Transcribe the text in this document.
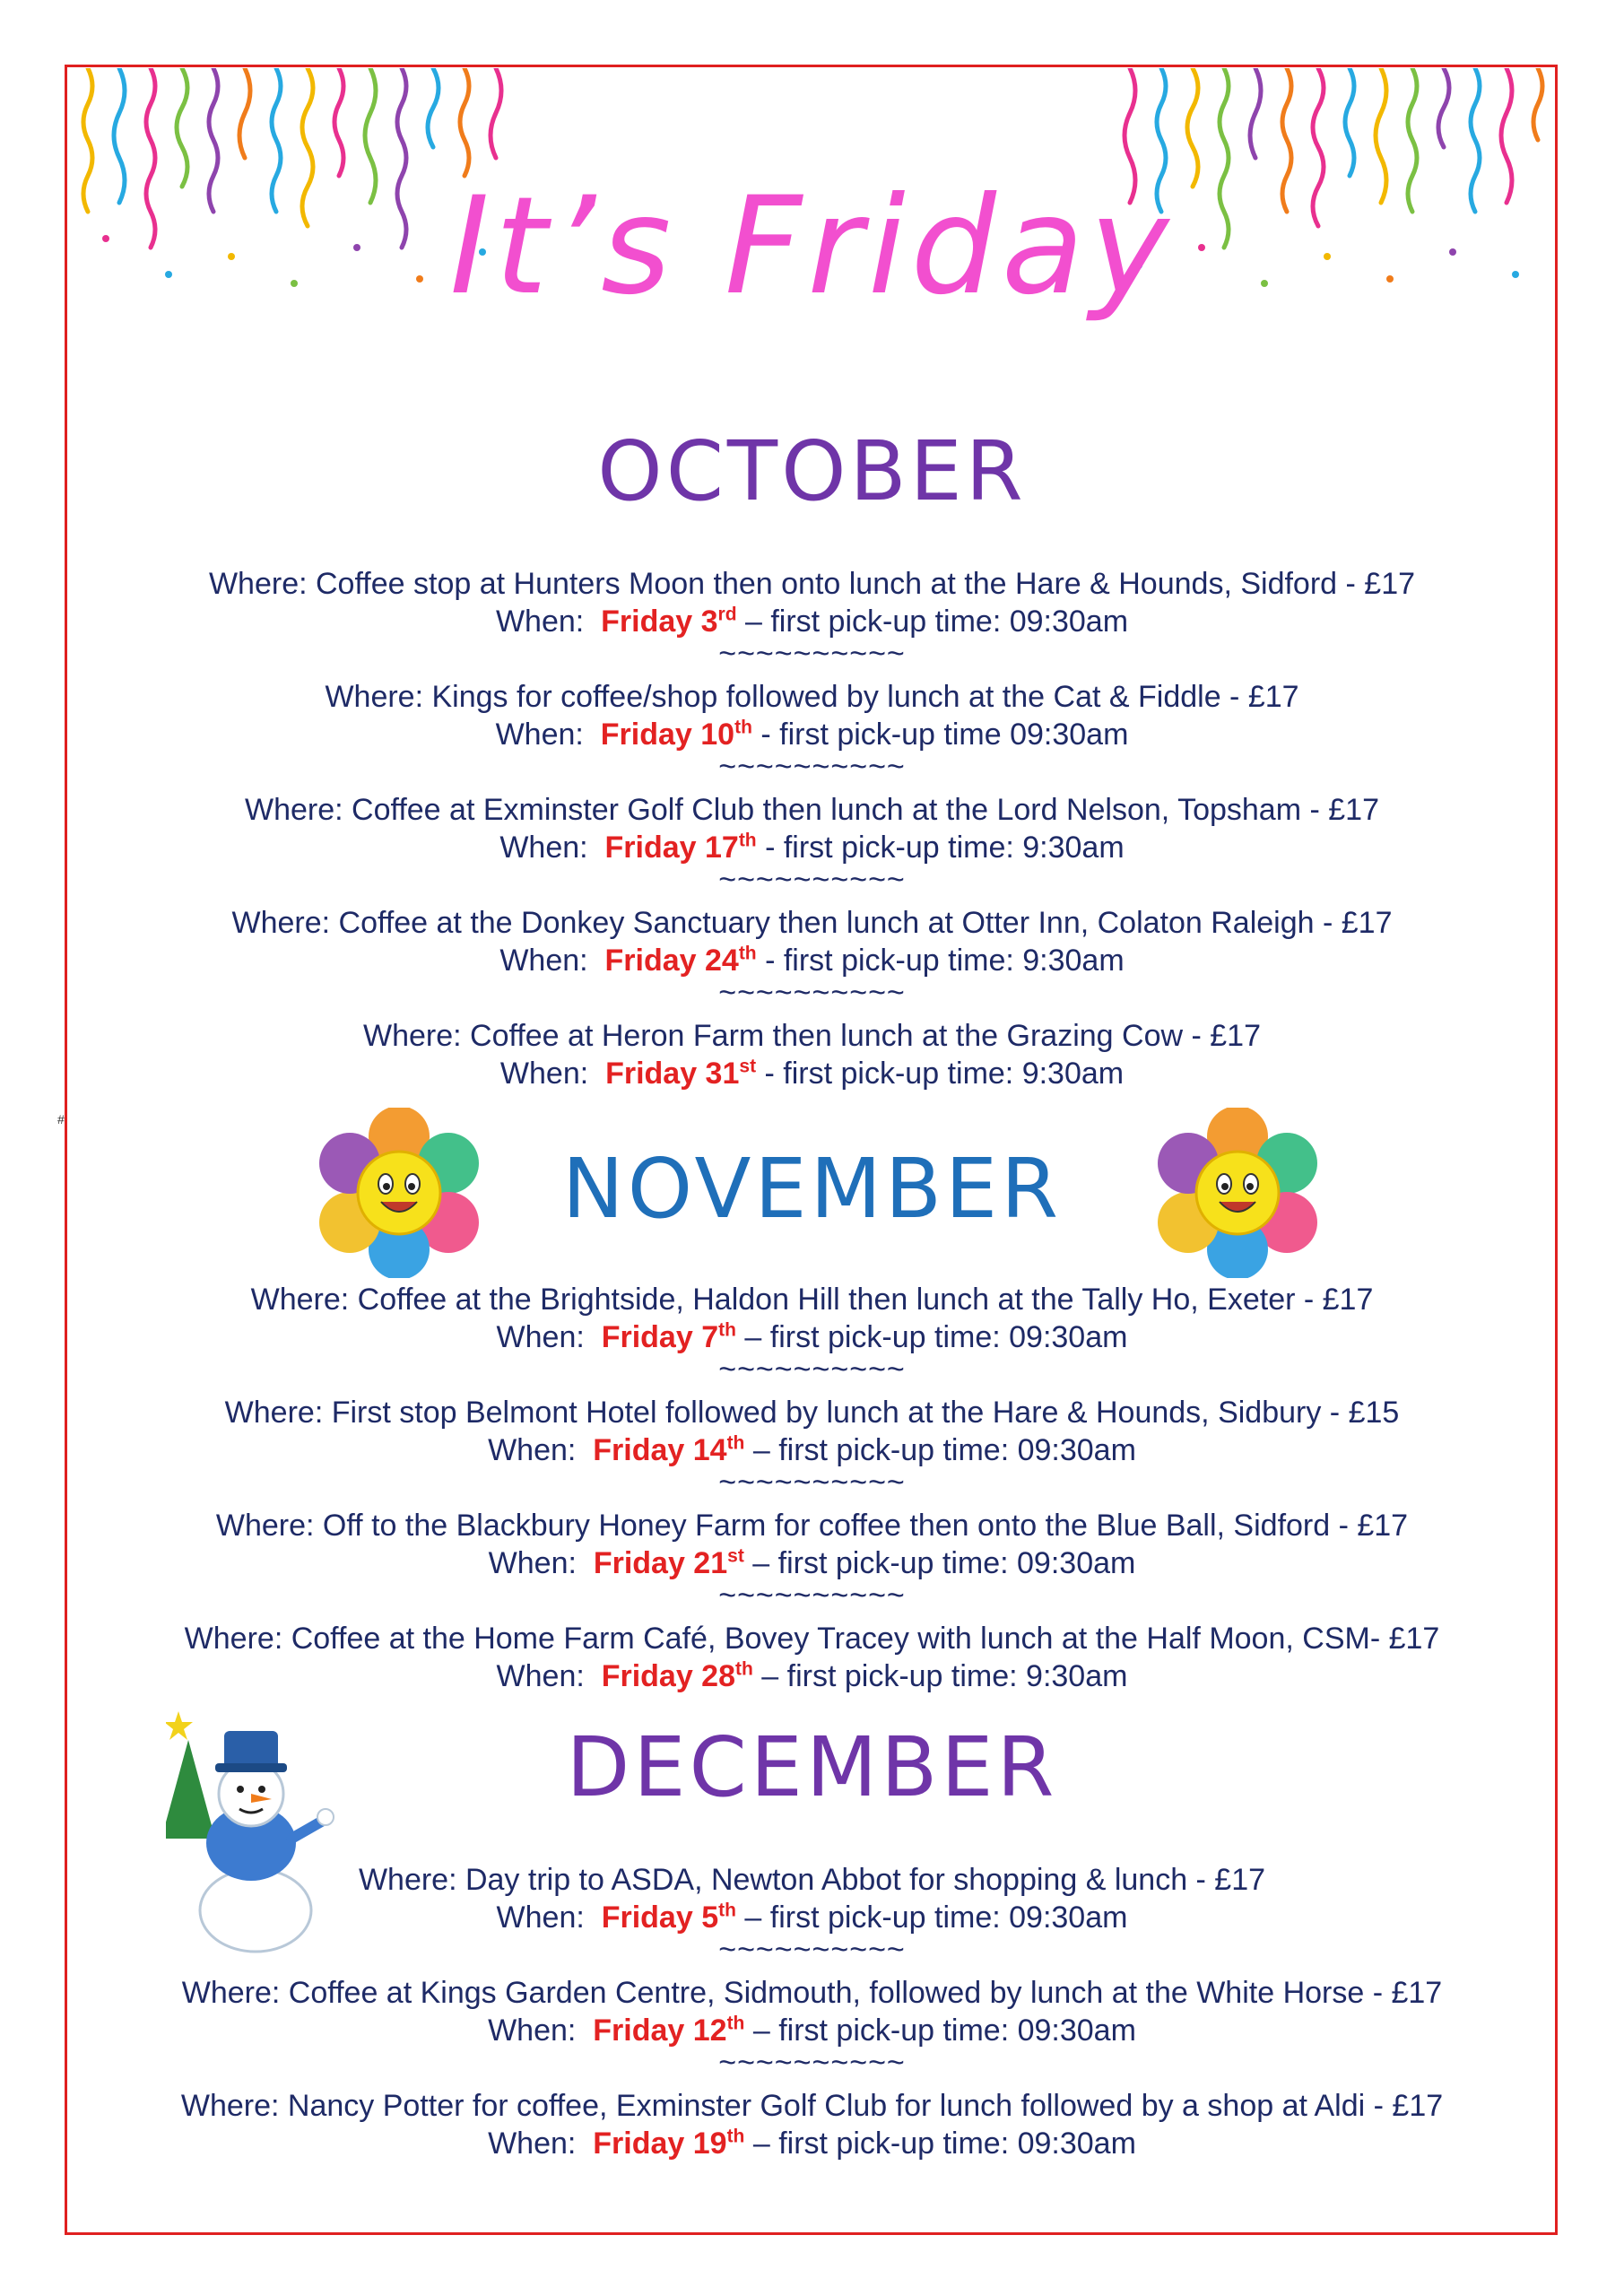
It’s Friday
#
OCTOBER
Where: Coffee stop at Hunters Moon then onto lunch at the Hare & Hounds, Sidford - £17
When: Friday 3rd – first pick-up time: 09:30am
~~~~~~~~~~
Where: Kings for coffee/shop followed by lunch at the Cat & Fiddle - £17
When: Friday 10th - first pick-up time 09:30am
~~~~~~~~~~
Where: Coffee at Exminster Golf Club then lunch at the Lord Nelson, Topsham - £17
When: Friday 17th - first pick-up time: 9:30am
~~~~~~~~~~
Where: Coffee at the Donkey Sanctuary then lunch at Otter Inn, Colaton Raleigh - £17
When: Friday 24th - first pick-up time: 9:30am
~~~~~~~~~~
Where: Coffee at Heron Farm then lunch at the Grazing Cow - £17
When: Friday 31st - first pick-up time: 9:30am
NOVEMBER
Where: Coffee at the Brightside, Haldon Hill then lunch at the Tally Ho, Exeter - £17
When: Friday 7th – first pick-up time: 09:30am
~~~~~~~~~~
Where: First stop Belmont Hotel followed by lunch at the Hare & Hounds, Sidbury - £15
When: Friday 14th – first pick-up time: 09:30am
~~~~~~~~~~
Where: Off to the Blackbury Honey Farm for coffee then onto the Blue Ball, Sidford - £17
When: Friday 21st – first pick-up time: 09:30am
~~~~~~~~~~
Where: Coffee at the Home Farm Café, Bovey Tracey with lunch at the Half Moon, CSM- £17
When: Friday 28th – first pick-up time: 9:30am
DECEMBER
Where: Day trip to ASDA, Newton Abbot for shopping & lunch - £17
When: Friday 5th – first pick-up time: 09:30am
~~~~~~~~~~
Where: Coffee at Kings Garden Centre, Sidmouth, followed by lunch at the White Horse - £17
When: Friday 12th – first pick-up time: 09:30am
~~~~~~~~~~
Where: Nancy Potter for coffee, Exminster Golf Club for lunch followed by a shop at Aldi - £17
When: Friday 19th – first pick-up time: 09:30am
